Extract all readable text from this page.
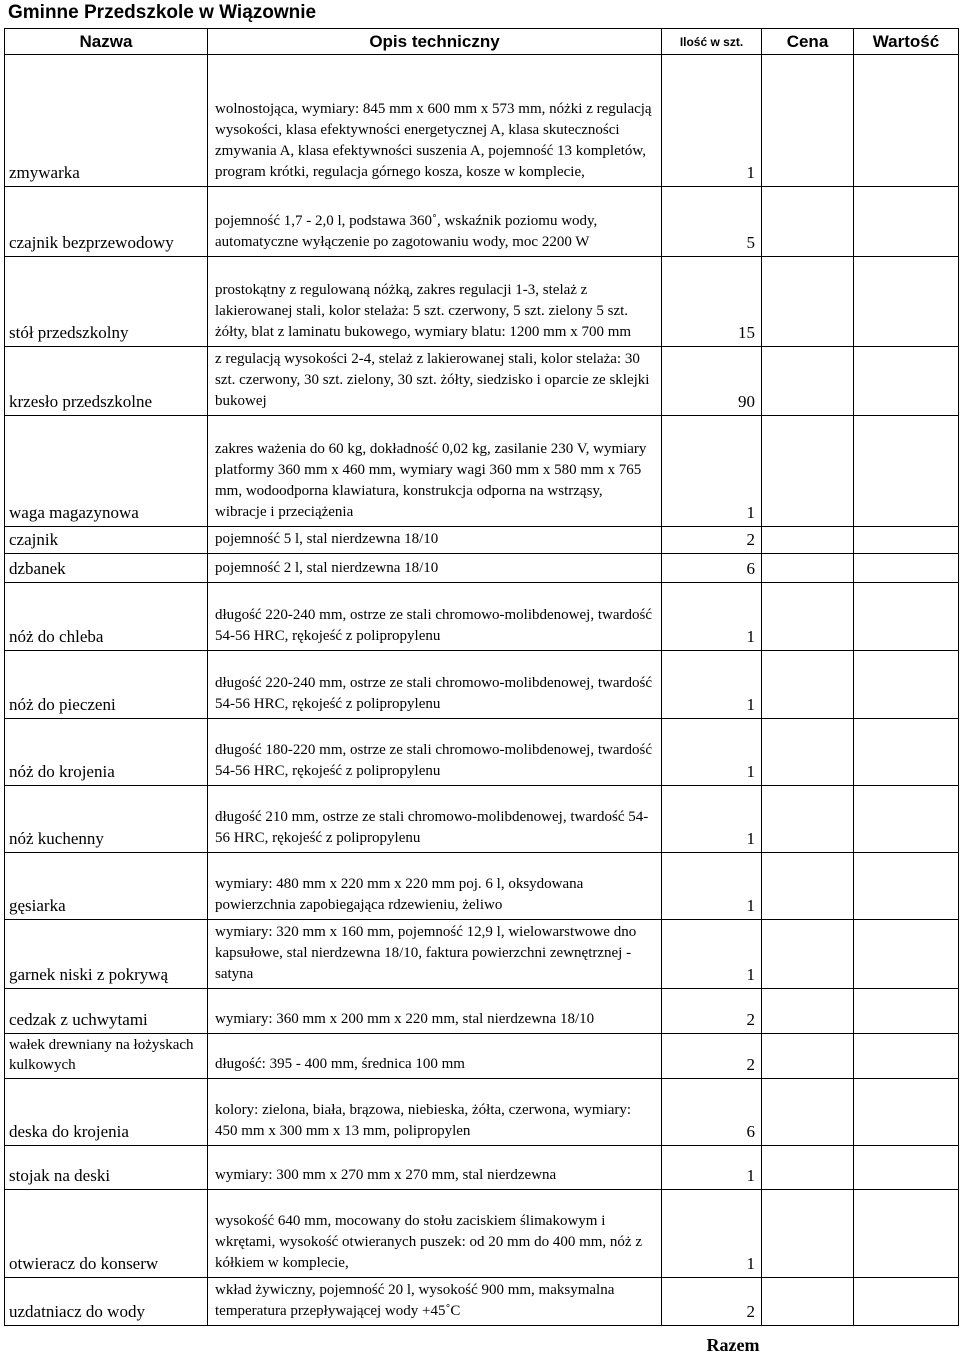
Gminne Przedszkole w Wiązownie
Nazwa	Opis techniczny	Ilość w szt.	Cena	Wartość
zmywarka	wolnostojąca, wymiary: 845 mm x 600 mm x 573 mm, nóżki z regulacją wysokości, klasa efektywności energetycznej A, klasa skuteczności zmywania A, klasa efektywności suszenia A, pojemność 13 kompletów, program krótki, regulacja górnego kosza, kosze w komplecie,	1		
czajnik bezprzewodowy	pojemność 1,7 - 2,0 l, podstawa 360˚, wskaźnik poziomu wody, automatyczne wyłączenie po zagotowaniu wody, moc 2200 W	5		
stół przedszkolny	prostokątny z regulowaną nóżką, zakres regulacji 1-3, stelaż z lakierowanej stali, kolor stelaża: 5 szt. czerwony, 5 szt. zielony 5 szt. żółty, blat z laminatu bukowego, wymiary blatu: 1200 mm x 700 mm	15		
krzesło przedszkolne	z regulacją wysokości 2-4, stelaż z lakierowanej stali, kolor stelaża: 30 szt. czerwony, 30 szt. zielony, 30 szt. żółty, siedzisko i oparcie ze sklejki bukowej	90		
waga magazynowa	zakres ważenia do 60 kg, dokładność 0,02 kg, zasilanie 230 V, wymiary platformy 360 mm x 460 mm, wymiary wagi 360 mm x 580 mm x 765 mm, wodoodporna klawiatura, konstrukcja odporna na wstrząsy, wibracje i przeciążenia	1		
czajnik	pojemność 5 l, stal nierdzewna 18/10	2		
dzbanek	pojemność 2 l, stal nierdzewna 18/10	6		
nóż do chleba	długość 220-240 mm, ostrze ze stali chromowo-molibdenowej, twardość 54-56 HRC, rękojeść z polipropylenu	1		
nóż do pieczeni	długość 220-240 mm, ostrze ze stali chromowo-molibdenowej, twardość 54-56 HRC, rękojeść z polipropylenu	1		
nóż do krojenia	długość 180-220 mm, ostrze ze stali chromowo-molibdenowej, twardość 54-56 HRC, rękojeść z polipropylenu	1		
nóż kuchenny	długość 210 mm, ostrze ze stali chromowo-molibdenowej, twardość 54-56 HRC, rękojeść z polipropylenu	1		
gęsiarka	wymiary: 480 mm x 220 mm x 220 mm poj. 6 l, oksydowana powierzchnia zapobiegająca rdzewieniu, żeliwo	1		
garnek niski z pokrywą	wymiary: 320 mm x 160 mm, pojemność 12,9 l, wielowarstwowe dno kapsułowe, stal nierdzewna 18/10, faktura powierzchni zewnętrznej - satyna	1		
cedzak z uchwytami	wymiary: 360 mm x 200 mm x 220 mm, stal nierdzewna 18/10	2		
wałek drewniany na łożyskach kulkowych	długość: 395 - 400 mm, średnica 100 mm	2		
deska do krojenia	kolory: zielona, biała, brązowa, niebieska, żółta, czerwona, wymiary: 450 mm x 300 mm x 13 mm, polipropylen	6		
stojak na deski	wymiary: 300 mm x 270 mm x 270 mm, stal nierdzewna	1		
otwieracz do konserw	wysokość 640 mm, mocowany do stołu zaciskiem ślimakowym i wkrętami, wysokość otwieranych puszek: od 20 mm do 400 mm, nóż z kółkiem w komplecie,	1		
uzdatniacz do wody	wkład żywiczny, pojemność 20 l, wysokość 900 mm, maksymalna temperatura przepływającej wody +45˚C	2		
		Razem		
